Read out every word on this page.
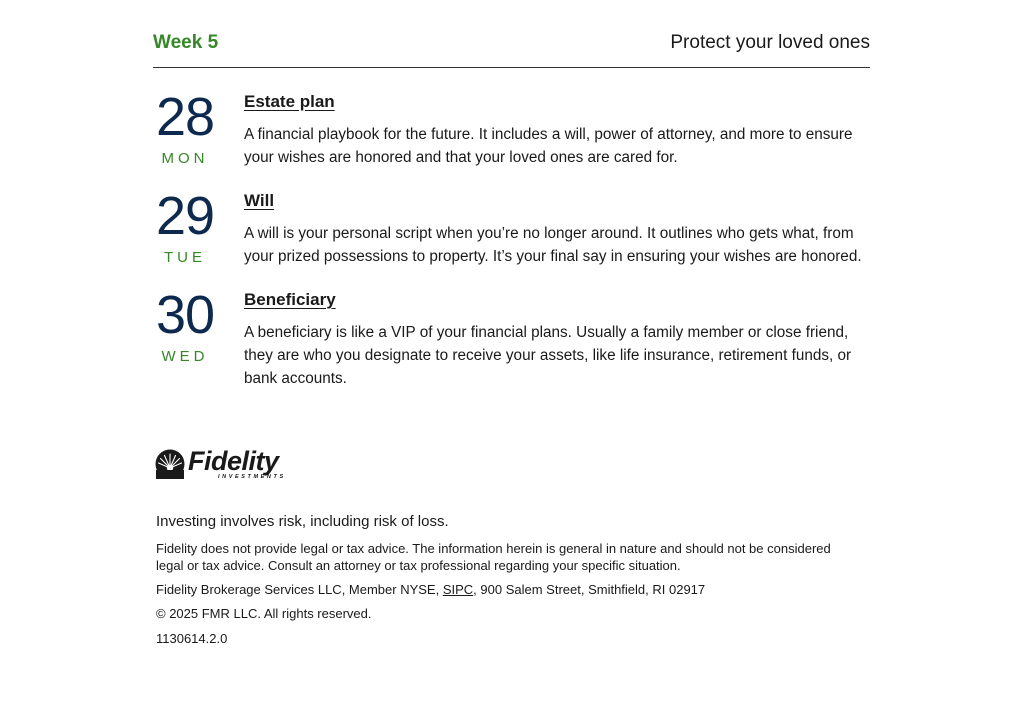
Week 5	Protect your loved ones
28
MON
Estate plan
A financial playbook for the future. It includes a will, power of attorney, and more to ensure your wishes are honored and that your loved ones are cared for.
29
TUE
Will
A will is your personal script when you’re no longer around. It outlines who gets what, from your prized possessions to property. It’s your final say in ensuring your wishes are honored.
30
WED
Beneficiary
A beneficiary is like a VIP of your financial plans. Usually a family member or close friend, they are who you designate to receive your assets, like life insurance, retirement funds, or bank accounts.
Fidelity
INVESTMENTS
Investing involves risk, including risk of loss.
Fidelity does not provide legal or tax advice. The information herein is general in nature and should not be considered legal or tax advice. Consult an attorney or tax professional regarding your specific situation.
Fidelity Brokerage Services LLC, Member NYSE, SIPC, 900 Salem Street, Smithfield, RI 02917
© 2025 FMR LLC. All rights reserved.
1130614.2.0
